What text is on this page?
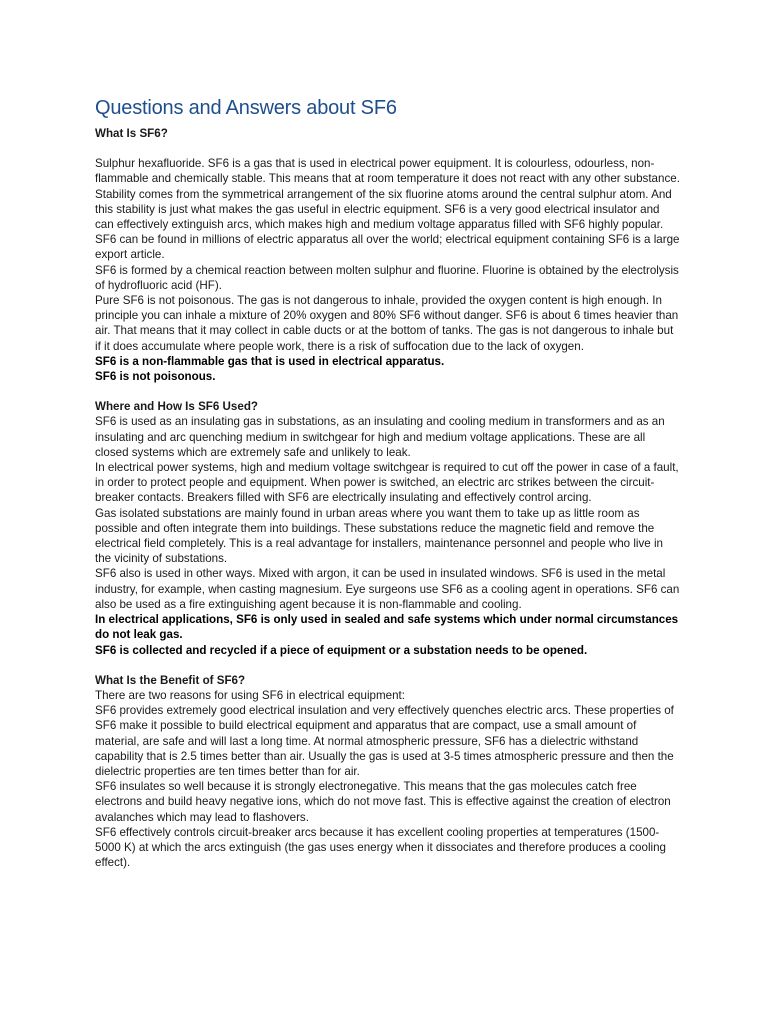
Questions and Answers about SF6

What Is SF6?

Sulphur hexafluoride. SF6 is a gas that is used in electrical power equipment. It is colourless, odourless, non-flammable and chemically stable. This means that at room temperature it does not react with any other substance. Stability comes from the symmetrical arrangement of the six fluorine atoms around the central sulphur atom. And this stability is just what makes the gas useful in electric equipment. SF6 is a very good electrical insulator and can effectively extinguish arcs, which makes high and medium voltage apparatus filled with SF6 highly popular. SF6 can be found in millions of electric apparatus all over the world; electrical equipment containing SF6 is a large export article.

SF6 is formed by a chemical reaction between molten sulphur and fluorine. Fluorine is obtained by the electrolysis of hydrofluoric acid (HF).

Pure SF6 is not poisonous. The gas is not dangerous to inhale, provided the oxygen content is high enough. In principle you can inhale a mixture of 20% oxygen and 80% SF6 without danger. SF6 is about 6 times heavier than air. That means that it may collect in cable ducts or at the bottom of tanks. The gas is not dangerous to inhale but if it does accumulate where people work, there is a risk of suffocation due to the lack of oxygen.

SF6 is a non-flammable gas that is used in electrical apparatus.

SF6 is not poisonous.

Where and How Is SF6 Used?

SF6 is used as an insulating gas in substations, as an insulating and cooling medium in transformers and as an insulating and arc quenching medium in switchgear for high and medium voltage applications. These are all closed systems which are extremely safe and unlikely to leak.

In electrical power systems, high and medium voltage switchgear is required to cut off the power in case of a fault, in order to protect people and equipment. When power is switched, an electric arc strikes between the circuit-breaker contacts. Breakers filled with SF6 are electrically insulating and effectively control arcing.

Gas isolated substations are mainly found in urban areas where you want them to take up as little room as possible and often integrate them into buildings. These substations reduce the magnetic field and remove the electrical field completely. This is a real advantage for installers, maintenance personnel and people who live in the vicinity of substations.

SF6 also is used in other ways. Mixed with argon, it can be used in insulated windows. SF6 is used in the metal industry, for example, when casting magnesium. Eye surgeons use SF6 as a cooling agent in operations. SF6 can also be used as a fire extinguishing agent because it is non-flammable and cooling.

In electrical applications, SF6 is only used in sealed and safe systems which under normal circumstances do not leak gas.

SF6 is collected and recycled if a piece of equipment or a substation needs to be opened.

What Is the Benefit of SF6?

There are two reasons for using SF6 in electrical equipment:

SF6 provides extremely good electrical insulation and very effectively quenches electric arcs. These properties of SF6 make it possible to build electrical equipment and apparatus that are compact, use a small amount of material, are safe and will last a long time. At normal atmospheric pressure, SF6 has a dielectric withstand capability that is 2.5 times better than air. Usually the gas is used at 3-5 times atmospheric pressure and then the dielectric properties are ten times better than for air.

SF6 insulates so well because it is strongly electronegative. This means that the gas molecules catch free electrons and build heavy negative ions, which do not move fast. This is effective against the creation of electron avalanches which may lead to flashovers.

SF6 effectively controls circuit-breaker arcs because it has excellent cooling properties at temperatures (1500-5000 K) at which the arcs extinguish (the gas uses energy when it dissociates and therefore produces a cooling effect).
